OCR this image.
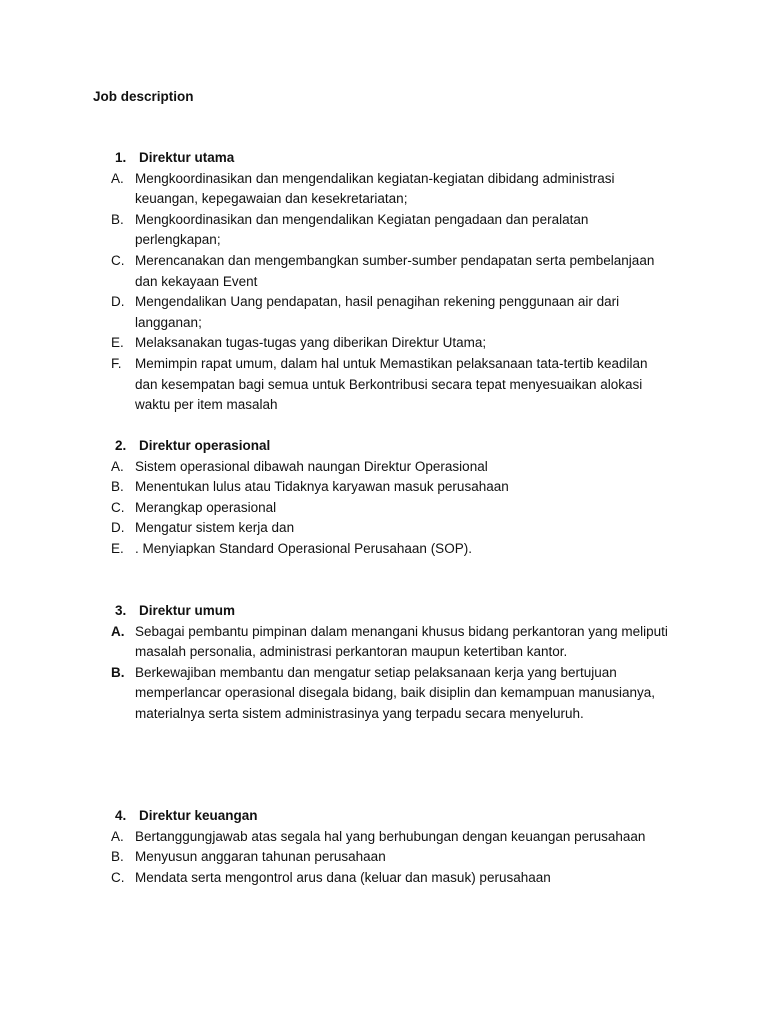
Job description
1. Direktur utama
A. Mengkoordinasikan dan mengendalikan kegiatan-kegiatan dibidang administrasi keuangan, kepegawaian dan kesekretariatan;
B. Mengkoordinasikan dan mengendalikan Kegiatan pengadaan dan peralatan perlengkapan;
C. Merencanakan dan mengembangkan sumber-sumber pendapatan serta pembelanjaan dan kekayaan Event
D. Mengendalikan Uang pendapatan, hasil penagihan rekening penggunaan air dari langganan;
E. Melaksanakan tugas-tugas yang diberikan Direktur Utama;
F. Memimpin rapat umum, dalam hal untuk Memastikan pelaksanaan tata-tertib keadilan dan kesempatan bagi semua untuk Berkontribusi secara tepat menyesuaikan alokasi waktu per item masalah
2. Direktur operasional
A. Sistem operasional dibawah naungan Direktur Operasional
B. Menentukan lulus atau Tidaknya karyawan masuk perusahaan
C. Merangkap operasional
D. Mengatur sistem kerja dan
E. . Menyiapkan Standard Operasional Perusahaan (SOP).
3. Direktur umum
A. Sebagai pembantu pimpinan dalam menangani khusus bidang perkantoran yang meliputi masalah personalia, administrasi perkantoran maupun ketertiban kantor.
B. Berkewajiban membantu dan mengatur setiap pelaksanaan kerja yang bertujuan memperlancar operasional disegala bidang, baik disiplin dan kemampuan manusianya, materialnya serta sistem administrasinya yang terpadu secara menyeluruh.
4. Direktur keuangan
A. Bertanggungjawab atas segala hal yang berhubungan dengan keuangan perusahaan
B. Menyusun anggaran tahunan perusahaan
C. Mendata serta mengontrol arus dana (keluar dan masuk) perusahaan
